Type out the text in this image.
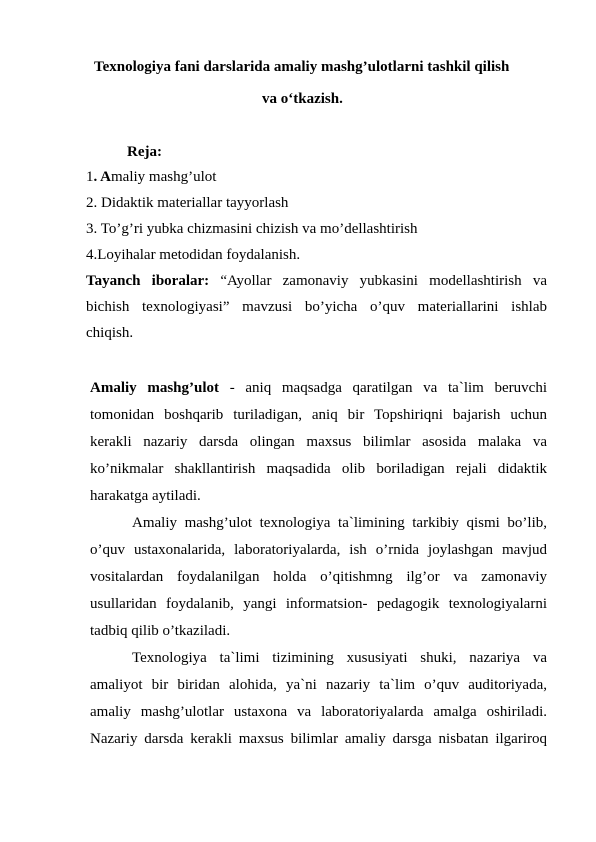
Texnologiya fani darslarida amaliy mashg’ulotlarni tashkil qilish
va o‘tkazish.
Reja:
1. Amaliy mashg’ulot
2. Didaktik materiallar tayyorlash
3. To’g’ri yubka chizmasini chizish va mo’dellashtirish
4.Loyihalar metodidan foydalanish.
Tayanch iboralar: “Ayollar zamonaviy yubkasini modellashtirish va
bichish texnologiyasi” mavzusi bo’yicha o’quv materiallarini ishlab
chiqish.
Amaliy mashg’ulot - aniq maqsadga qaratilgan va ta`lim beruvchi
tomonidan boshqarib turiladigan, aniq bir Topshiriqni bajarish uchun
kerakli nazariy darsda olingan maxsus bilimlar asosida malaka va
ko’nikmalar shakllantirish maqsadida olib boriladigan rejali didaktik
harakatga aytiladi.
Amaliy mashg’ulot texnologiya ta`limining tarkibiy qismi bo’lib,
o’quv ustaxonalarida, laboratoriyalarda, ish o’rnida joylashgan mavjud
vositalardan foydalanilgan holda o’qitishmng ilg’or va zamonaviy
usullaridan foydalanib, yangi informatsion- pedagogik texnologiyalarni
tadbiq qilib o’tkaziladi.
Texnologiya ta`limi tizimining xususiyati shuki, nazariya va
amaliyot bir biridan alohida, ya`ni nazariy ta`lim o’quv auditoriyada,
amaliy mashg’ulotlar ustaxona va laboratoriyalarda amalga oshiriladi.
Nazariy darsda kerakli maxsus bilimlar amaliy darsga nisbatan ilgariroq
